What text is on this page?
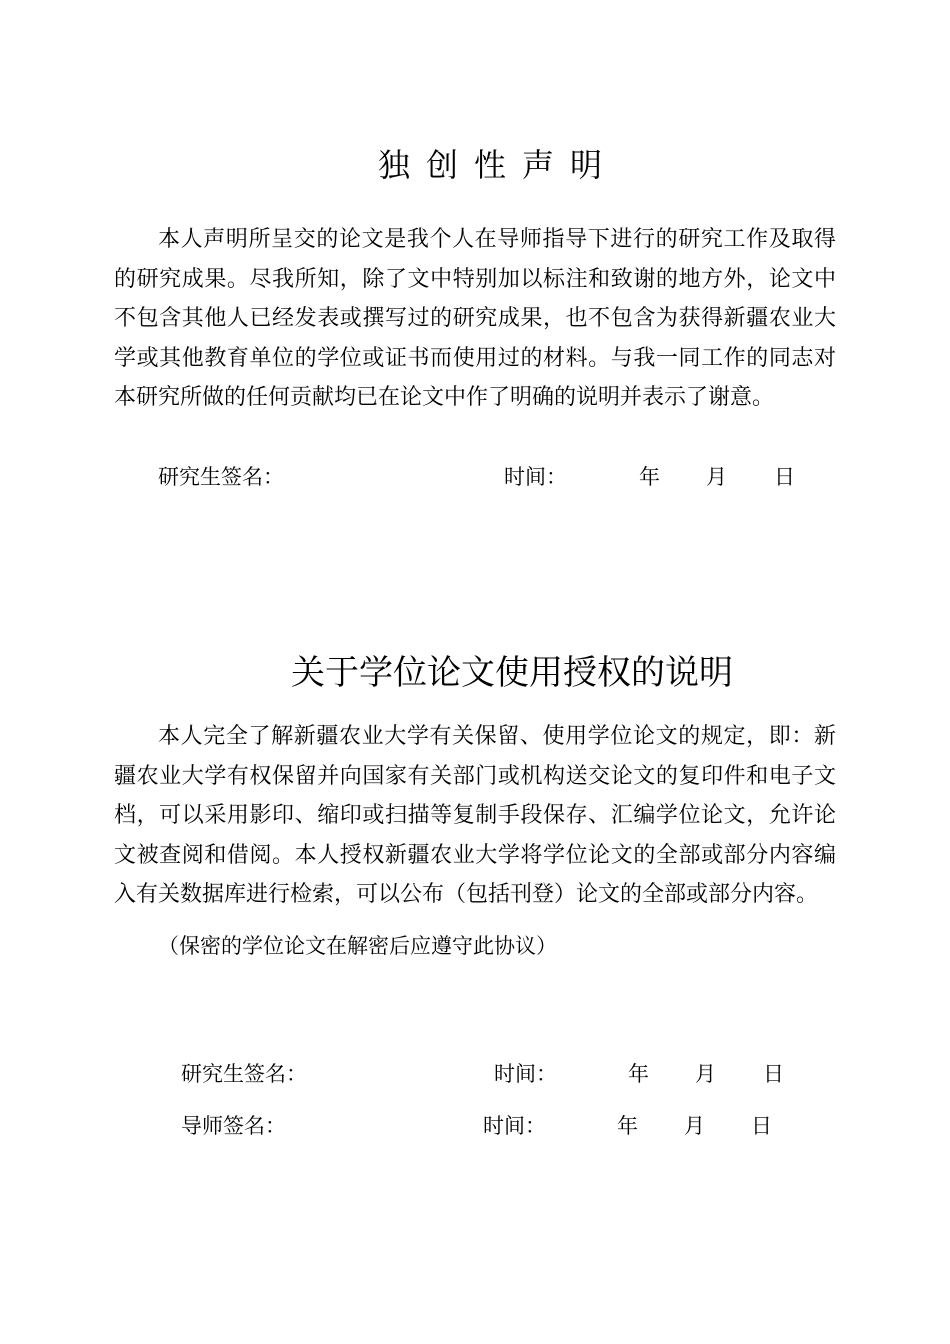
独创性声明

本人声明所呈交的论文是我个人在导师指导下进行的研究工作及取得的研究成果。尽我所知，除了文中特别加以标注和致谢的地方外，论文中不包含其他人已经发表或撰写过的研究成果，也不包含为获得新疆农业大学或其他教育单位的学位或证书而使用过的材料。与我一同工作的同志对本研究所做的任何贡献均已在论文中作了明确的说明并表示了谢意。

研究生签名：	时间：	年 月 日
关于学位论文使用授权的说明

本人完全了解新疆农业大学有关保留、使用学位论文的规定，即：新疆农业大学有权保留并向国家有关部门或机构送交论文的复印件和电子文档，可以采用影印、缩印或扫描等复制手段保存、汇编学位论文，允许论文被查阅和借阅。本人授权新疆农业大学将学位论文的全部或部分内容编入有关数据库进行检索，可以公布（包括刊登）论文的全部或部分内容。

（保密的学位论文在解密后应遵守此协议）
研究生签名：	时间：	年 月 日
导师签名：	时间：	年 月 日
